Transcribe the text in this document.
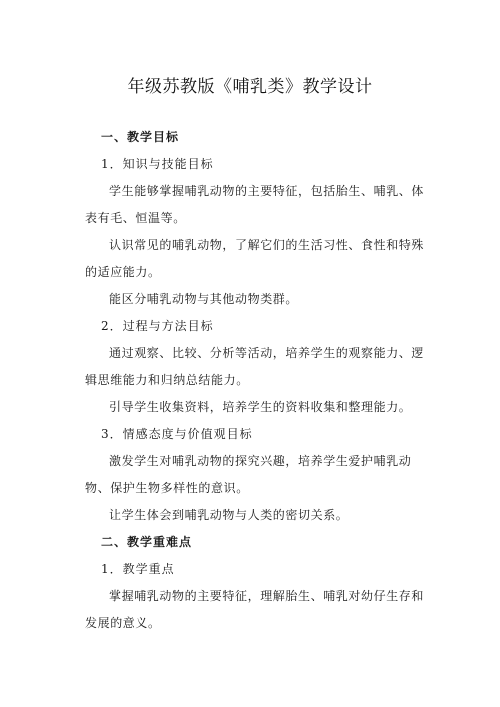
年级苏教版《哺乳类》教学设计

一、教学目标

1．知识与技能目标

学生能够掌握哺乳动物的主要特征，包括胎生、哺乳、体表有毛、恒温等。

认识常见的哺乳动物，了解它们的生活习性、食性和特殊的适应能力。

能区分哺乳动物与其他动物类群。

2．过程与方法目标

通过观察、比较、分析等活动，培养学生的观察能力、逻辑思维能力和归纳总结能力。

引导学生收集资料，培养学生的资料收集和整理能力。

3．情感态度与价值观目标

激发学生对哺乳动物的探究兴趣，培养学生爱护哺乳动物、保护生物多样性的意识。

让学生体会到哺乳动物与人类的密切关系。

二、教学重难点

1．教学重点

掌握哺乳动物的主要特征，理解胎生、哺乳对幼仔生存和发展的意义。
